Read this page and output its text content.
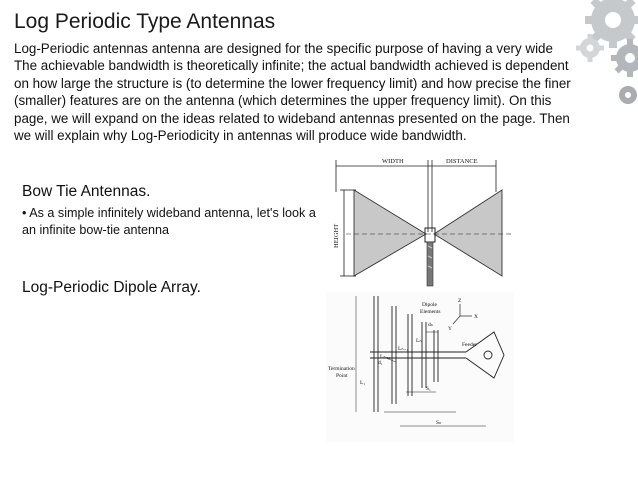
Log Periodic Type Antennas
Log-Periodic antennas antenna are designed for the specific purpose of having a very wide The achievable bandwidth is theoretically infinite; the actual bandwidth achieved is dependent on how large the structure is (to determine the lower frequency limit) and how precise the finer (smaller) features are on the antenna (which determines the upper frequency limit). On this page, we will expand on the ideas related to wideband antennas presented on the page. Then we will explain why Log-Periodicity in antennas will produce wide bandwidth.
Bow Tie Antennas.
• As a simple infinitely wideband antenna, let's look at an infinite bow-tie antenna
Log-Periodic Dipole Array.
WIDTH	DISTANCE
HEIGHT
Dipole
Elements
Feeder
Termination
Point
Z
X
Y
Lₙ
Lₙ₋₁
Lₙ₋₂
L₁
S₁
Sₙ
dₙ
d₁
